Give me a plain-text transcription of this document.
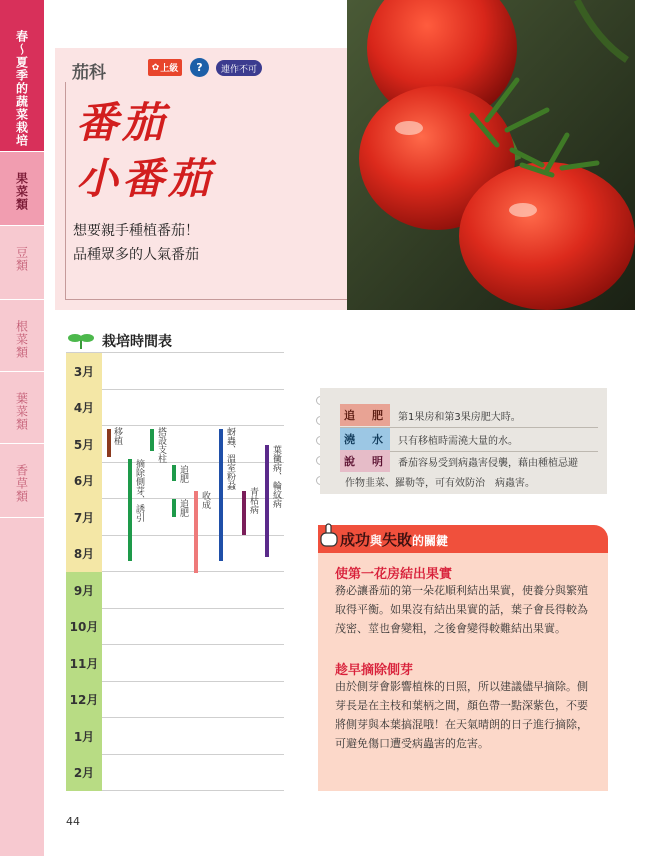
春〜夏季的蔬菜栽培
果菜類
豆類
根菜類
葉菜類
香草類
茄科	✿ 上級	?	連作不可
番茄
小番茄
想要親手種植番茄！
品種眾多的人氣番茄
栽培時間表
3月
4月
5月
6月
7月
8月
9月
10月
11月
12月
1月
2月
移植
摘除側芽、誘引
搭設支柱
追肥
追肥 收成
蚜蟲、溫室粉蝨
青枯病 葉黴病、輪紋病
追　肥	第1果房和第3果房肥大時。
澆　水	只有移植時需澆大量的水。
說　明	番茄容易受到病蟲害侵襲，藉由種植忌避
作物韭菜、羅勒等，可有效防治　病蟲害。
成功與失敗的關鍵
使第一花房結出果實
務必讓番茄的第一朵花順利結出果實，使養分與繁殖取得平衡。如果沒有結出果實的話，葉子會長得較為茂密、莖也會變粗，之後會變得較難結出果實。
趁早摘除側芽
由於側芽會影響植株的日照，所以建議儘早摘除。側芽長是在主枝和葉柄之間，顏色帶一點深紫色，不要將側芽與本葉搞混哦！在天氣晴朗的日子進行摘除，可避免傷口遭受病蟲害的危害。
44
